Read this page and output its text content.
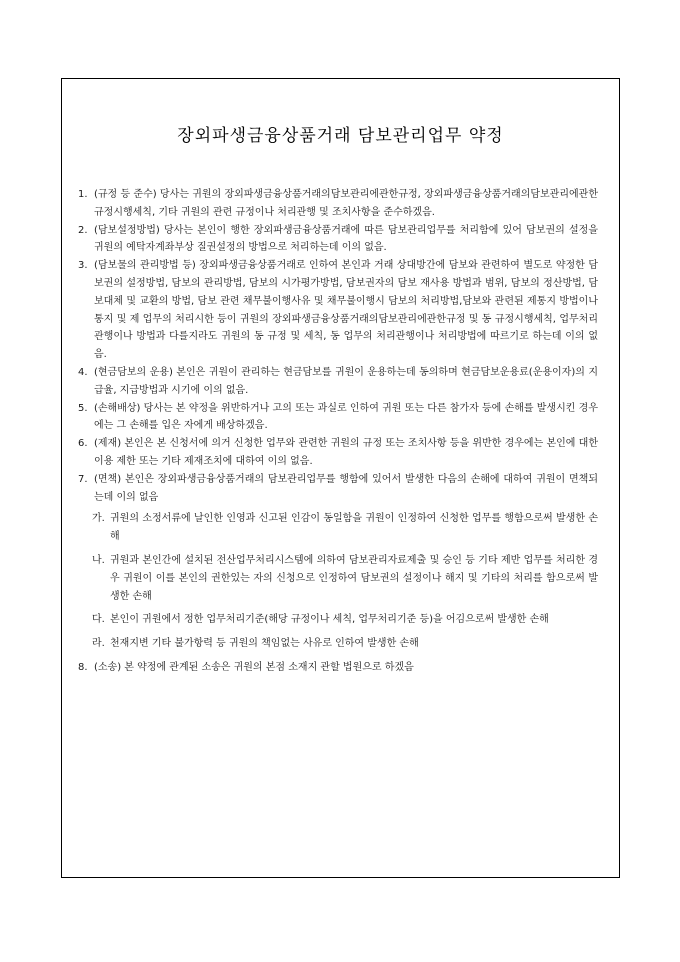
장외파생금융상품거래 담보관리업무 약정
1. (규정 등 준수) 당사는 귀원의 장외파생금융상품거래의담보관리에관한규정, 장외파생금융상품거래의담보관리에관한규정시행세칙, 기타 귀원의 관련 규정이나 처리관행 및 조치사항을 준수하겠음.
2. (담보설정방법) 당사는 본인이 행한 장외파생금융상품거래에 따른 담보관리업무를 처리함에 있어 담보권의 설정을 귀원의 예탁자계좌부상 질권설정의 방법으로 처리하는데 이의 없음.
3. (담보물의 관리방법 등) 장외파생금융상품거래로 인하여 본인과 거래 상대방간에 담보와 관련하여 별도로 약정한 담보권의 설정방법, 담보의 관리방법, 담보의 시가평가방법, 담보권자의 담보 재사용 방법과 범위, 담보의 정산방법, 담보대체 및 교환의 방법, 담보 관련 채무불이행사유 및 채무불이행시 담보의 처리방법,담보와 관련된 제통지 방법이나 통지 및 제 업무의 처리시한 등이 귀원의 장외파생금융상품거래의담보관리에관한규정 및 동 규정시행세칙, 업무처리 관행이나 방법과 다를지라도 귀원의 동 규정 및 세칙, 동 업무의 처리관행이나 처리방법에 따르기로 하는데 이의 없음.
4. (현금담보의 운용) 본인은 귀원이 관리하는 현금담보를 귀원이 운용하는데 동의하며 현금담보운용료(운용이자)의 지급율, 지급방법과 시기에 이의 없음.
5. (손해배상) 당사는 본 약정을 위반하거나 고의 또는 과실로 인하여 귀원 또는 다른 참가자 등에 손해를 발생시킨 경우에는 그 손해를 입은 자에게 배상하겠음.
6. (제재) 본인은 본 신청서에 의거 신청한 업무와 관련한 귀원의 규정 또는 조치사항 등을 위반한 경우에는 본인에 대한 이용 제한 또는 기타 제재조치에 대하여 이의 없음.
7. (면책) 본인은 장외파생금융상품거래의 담보관리업무를 행함에 있어서 발생한 다음의 손해에 대하여 귀원이 면책되는데 이의 없음
가. 귀원의 소정서류에 날인한 인영과 신고된 인감이 동일함을 귀원이 인정하여 신청한 업무를 행함으로써 발생한 손해
나. 귀원과 본인간에 설치된 전산업무처리시스템에 의하여 담보관리자료제출 및 승인 등 기타 제반 업무를 처리한 경우 귀원이 이를 본인의 권한있는 자의 신청으로 인정하여 담보권의 설정이나 해지 및 기타의 처리를 함으로써 발생한 손해
다. 본인이 귀원에서 정한 업무처리기준(해당 규정이나 세칙, 업무처리기준 등)을 어김으로써 발생한 손해
라. 천재지변 기타 불가항력 등 귀원의 책임없는 사유로 인하여 발생한 손해
8. (소송) 본 약정에 관계된 소송은 귀원의 본점 소재지 관할 법원으로 하겠음
